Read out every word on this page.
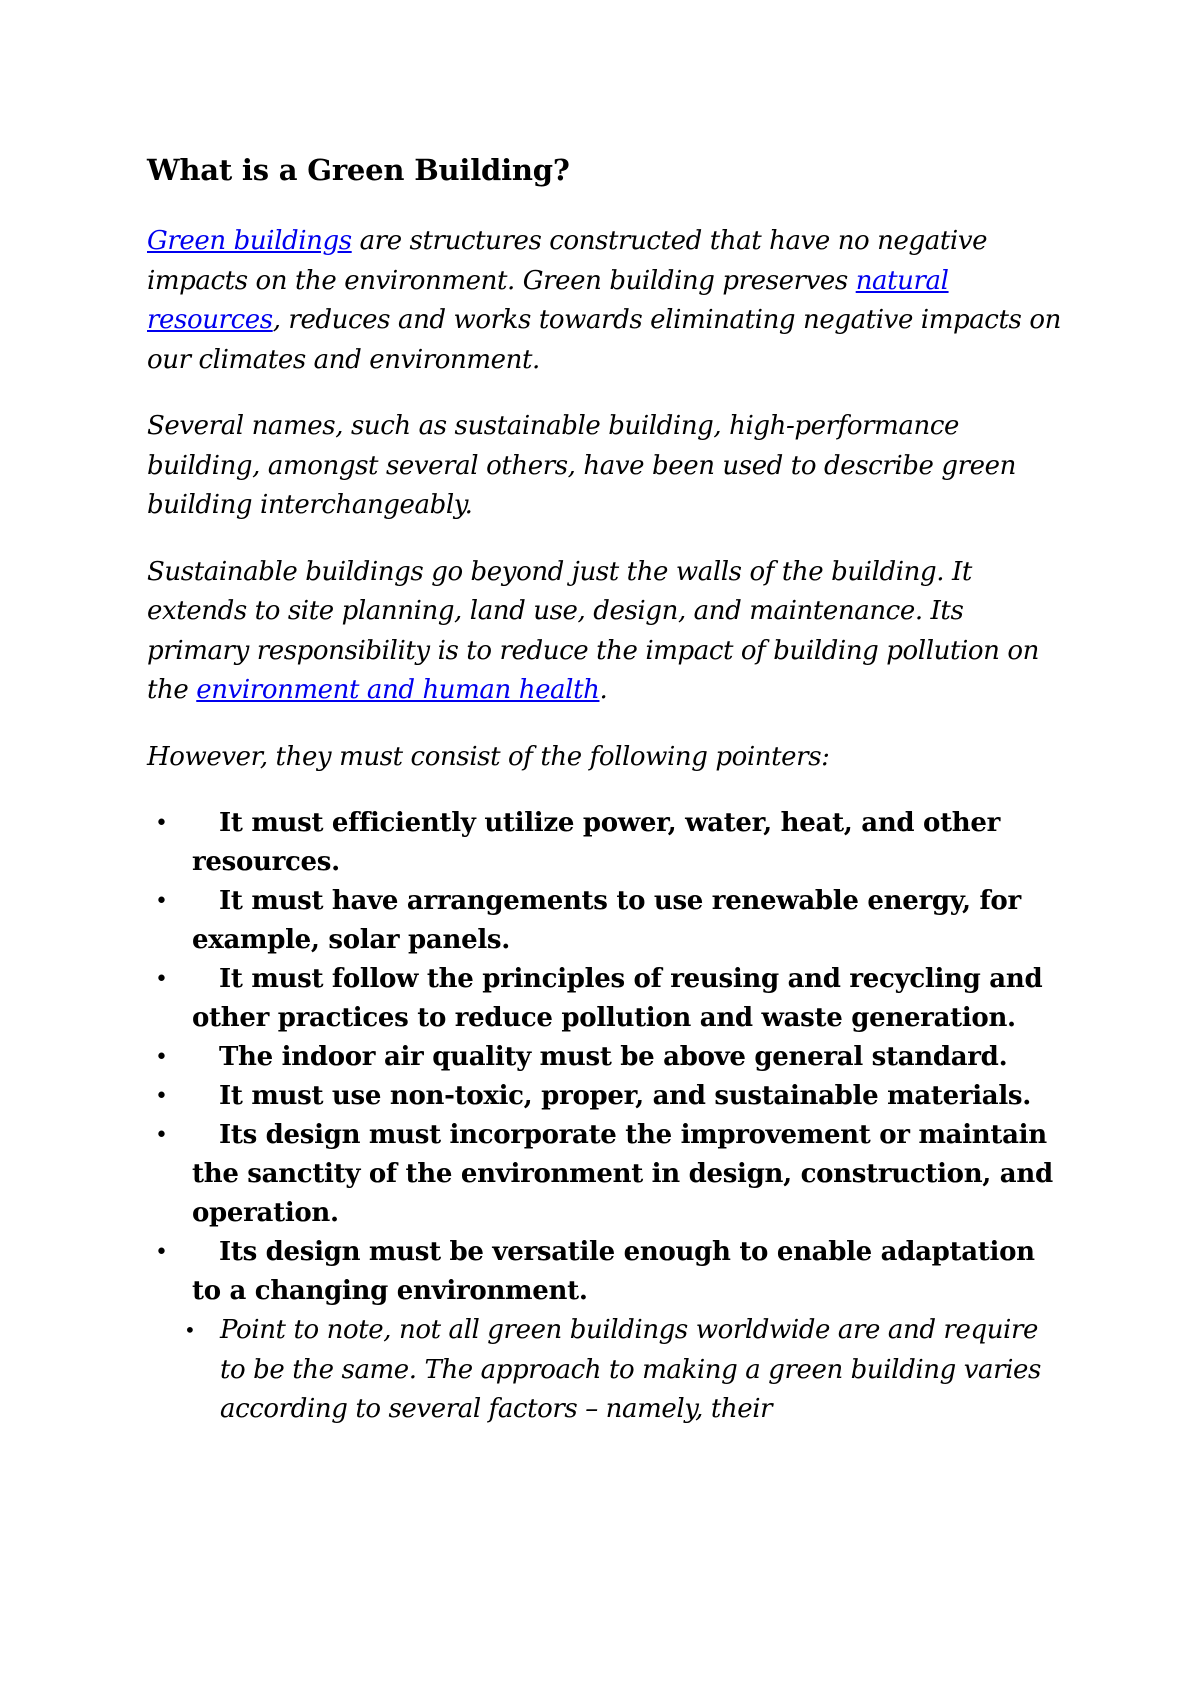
What is a Green Building?

Green buildings are structures constructed that have no negative impacts on the environment. Green building preserves natural resources, reduces and works towards eliminating negative impacts on our climates and environment.

Several names, such as sustainable building, high-performance building, amongst several others, have been used to describe green building interchangeably.

Sustainable buildings go beyond just the walls of the building. It extends to site planning, land use, design, and maintenance. Its primary responsibility is to reduce the impact of building pollution on the environment and human health.

However, they must consist of the following pointers:

• It must efficiently utilize power, water, heat, and other resources.
• It must have arrangements to use renewable energy, for example, solar panels.
• It must follow the principles of reusing and recycling and other practices to reduce pollution and waste generation.
• The indoor air quality must be above general standard.
• It must use non-toxic, proper, and sustainable materials.
• Its design must incorporate the improvement or maintain the sanctity of the environment in design, construction, and operation.
• Its design must be versatile enough to enable adaptation to a changing environment.
• Point to note, not all green buildings worldwide are and require to be the same. The approach to making a green building varies according to several factors – namely, their
